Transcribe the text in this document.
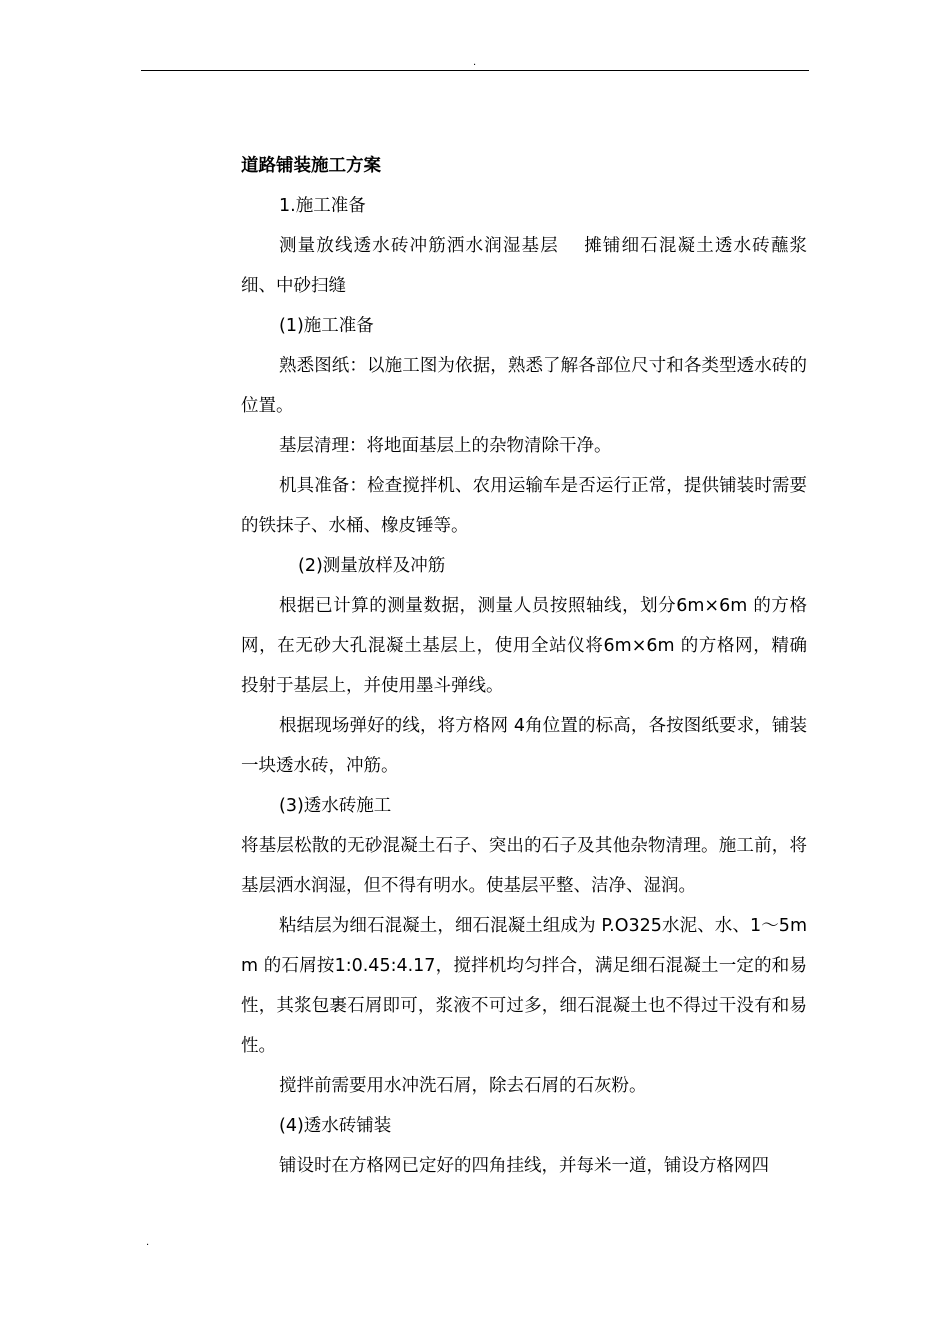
.

道路铺装施工方案

1.施工准备

测量放线透水砖冲筋洒水润湿基层　 摊铺细石混凝土透水砖蘸浆　细、中砂扫缝

(1)施工准备

熟悉图纸：以施工图为依据，熟悉了解各部位尺寸和各类型透水砖的位置。

基层清理：将地面基层上的杂物清除干净。

机具准备：检查搅拌机、农用运输车是否运行正常，提供铺装时需要的铁抹子、水桶、橡皮锤等。

(2)测量放样及冲筋

根据已计算的测量数据，测量人员按照轴线，划分6m×6m 的方格网，在无砂大孔混凝土基层上，使用全站仪将6m×6m 的方格网，精确投射于基层上，并使用墨斗弹线。

根据现场弹好的线，将方格网 4角位置的标高，各按图纸要求，铺装一块透水砖，冲筋。

(3)透水砖施工

将基层松散的无砂混凝土石子、突出的石子及其他杂物清理。施工前，将基层洒水润湿，但不得有明水。使基层平整、洁净、湿润。

粘结层为细石混凝土，细石混凝土组成为 P.O325水泥、水、1～5mm 的石屑按1:0.45:4.17，搅拌机均匀拌合，满足细石混凝土一定的和易性，其浆包裹石屑即可，浆液不可过多，细石混凝土也不得过干没有和易性。

搅拌前需要用水冲洗石屑，除去石屑的石灰粉。

(4)透水砖铺装

铺设时在方格网已定好的四角挂线，并每米一道，铺设方格网四

.
